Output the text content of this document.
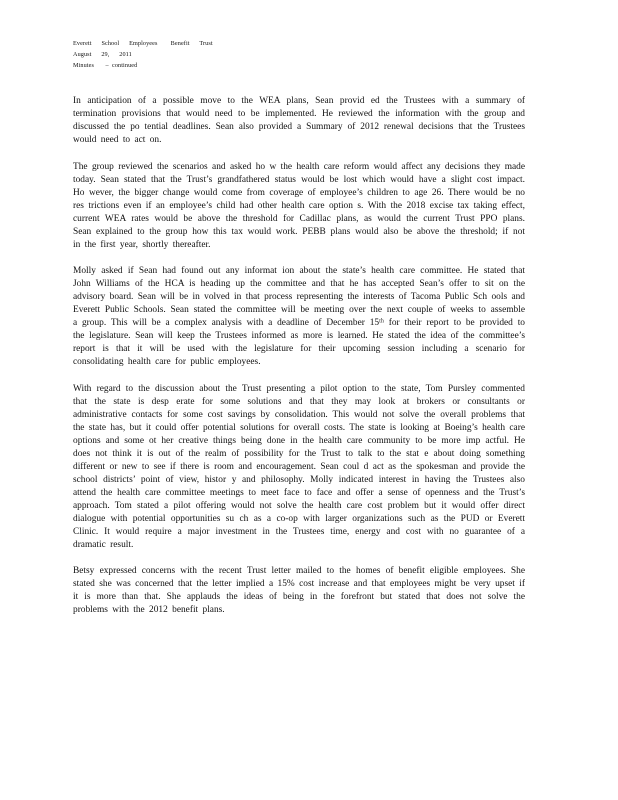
Everett      School      Employees        Benefit      Trust
August      29,      2011
Minutes       –  continued

In anticipation of a possible move to the WEA plans, Sean provid ed the Trustees with a summary of termination provisions that would need to be implemented. He reviewed the information with the group and discussed the po tential deadlines. Sean also provided a Summary of 2012 renewal decisions that the Trustees would need to act on.

The group reviewed the scenarios and asked ho w the health care reform would affect any decisions they made today. Sean stated that the Trust’s grandfathered status would be lost which would have a slight cost impact. Ho wever, the bigger change would come from coverage of employee’s children to age 26. There would be no res trictions even if an employee’s child had other health care option s. With the 2018 excise tax taking effect, current WEA rates would be above the threshold for Cadillac plans, as would the current Trust PPO plans. Sean explained to the group how this tax would work. PEBB plans would also be above the threshold; if not in the first year, shortly thereafter.

Molly asked if Sean had found out any informat ion about the state’s health care committee. He stated that John Williams of the HCA is heading up the committee and that he has accepted Sean’s offer to sit on the advisory board. Sean will be in volved in that process representing the interests of Tacoma Public Sch ools and Everett Public Schools. Sean stated the committee will be meeting over the next couple of weeks to assemble a group. This will be a complex analysis with a deadline of December 15ᵗʰ for their report to be provided to the legislature. Sean will keep the Trustees informed as more is learned. He stated the idea of the committee’s report is that it will be used with the legislature for their upcoming session including a scenario for consolidating health care for public employees.

With regard to the discussion about the Trust presenting a pilot option to the state, Tom Pursley commented that the state is desp erate for some solutions and that they may look at brokers or consultants or administrative contacts for some cost savings by consolidation. This would not solve the overall problems that the state has, but it could offer potential solutions for overall costs. The state is looking at Boeing’s health care options and some ot her creative things being done in the health care community to be more imp actful. He does not think it is out of the realm of possibility for the Trust to talk to the stat e about doing something different or new to see if there is room and encouragement. Sean coul d act as the spokesman and provide the school districts’ point of view, histor y and philosophy. Molly indicated interest in having the Trustees also attend the health care committee meetings to meet face to face and offer a sense of openness and the Trust’s approach. Tom stated a pilot offering would not solve the health care cost problem but it would offer direct dialogue with potential opportunities su ch as a co-op with larger organizations such as the PUD or Everett Clinic. It would require a major investment in the Trustees time, energy and cost with no guarantee of a dramatic result.

Betsy expressed concerns with the recent Trust letter mailed to the homes of benefit eligible employees. She stated she was concerned that the letter implied a 15% cost increase and that employees might be very upset if it is more than that. She applauds the ideas of being in the forefront but stated that does not solve the problems with the 2012 benefit plans.
